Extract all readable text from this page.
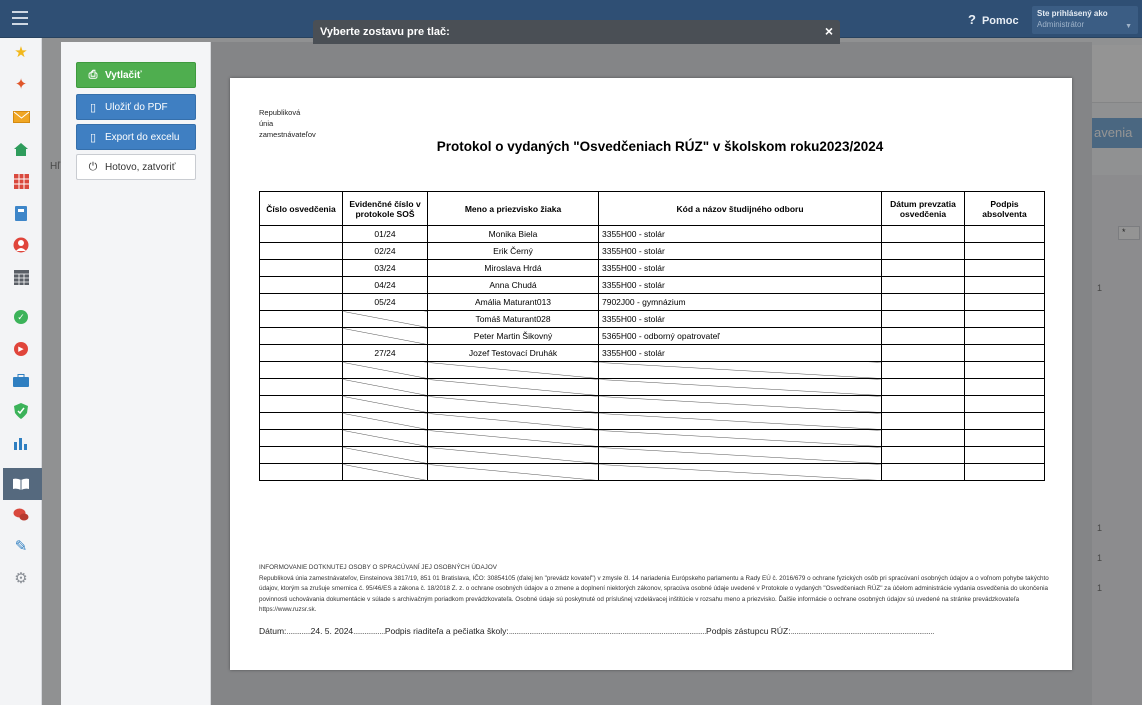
? Pomoc
Ste prihlásený ako
Administrátor	▼
★
✦
✓
▶
✎
⚙
⎙ Vytlačiť
▯ Uložiť do PDF
▯ Export do excelu
⏻ Hotovo, zatvoriť
Vyberte zostavu pre tlač:	×
Republiková
únia
zamestnávateľov
Protokol o vydaných "Osvedčeniach RÚZ" v školskom roku2023/2024
Číslo osvedčenia	Evidenčné číslo v protokole SOŠ	Meno a priezvisko žiaka	Kód a názov študijného odboru	Dátum prevzatia osvedčenia	Podpis absolventa
	01/24	Monika Biela	3355H00 - stolár		
	02/24	Erik Černý	3355H00 - stolár		
	03/24	Miroslava Hrdá	3355H00 - stolár		
	04/24	Anna Chudá	3355H00 - stolár		
	05/24	Amália Maturant013	7902J00 - gymnázium		
		Tomáš Maturant028	3355H00 - stolár		
		Peter Martin Šikovný	5365H00 - odborný opatrovateľ		
	27/24	Jozef Testovací Druhák	3355H00 - stolár		

INFORMOVANIE DOTKNUTEJ OSOBY O SPRACÚVANÍ JEJ OSOBNÝCH ÚDAJOV
Republiková únia zamestnávateľov, Einsteinova 3817/19, 851 01 Bratislava, IČO: 30854105 (ďalej len "prevádz kovateľ") v zmysle čl. 14 nariadenia Európskeho parlamentu a Rady EÚ č. 2016/679 o ochrane fyzických osôb pri spracúvaní osobných údajov a o voľnom pohybe takýchto údajov, ktorým sa zrušuje smernica č. 95/46/ES a zákona č. 18/2018 Z. z. o ochrane osobných údajov a o zmene a doplnení niektorých zákonov, spracúva osobné údaje uvedené v Protokole o vydaných "Osvedčeniach RÚZ" za účelom administrácie vydania osvedčenia do ukončenia povinnosti uchovávania dokumentácie v súlade s archivačným poriadkom prevádzkovateľa. Osobné údaje sú poskytnuté od príslušnej vzdelávacej inštitúcie v rozsahu meno a priezvisko. Ďalšie informácie o ochrane osobných údajov sú uvedené na stránke prevádzkovateľa https://www.ruzsr.sk.
Dátum:.............24. 5. 2024.................Podpis riaditeľa a pečiatka školy:..........................................................................................................Podpis zástupcu RÚZ:.............................................................................
